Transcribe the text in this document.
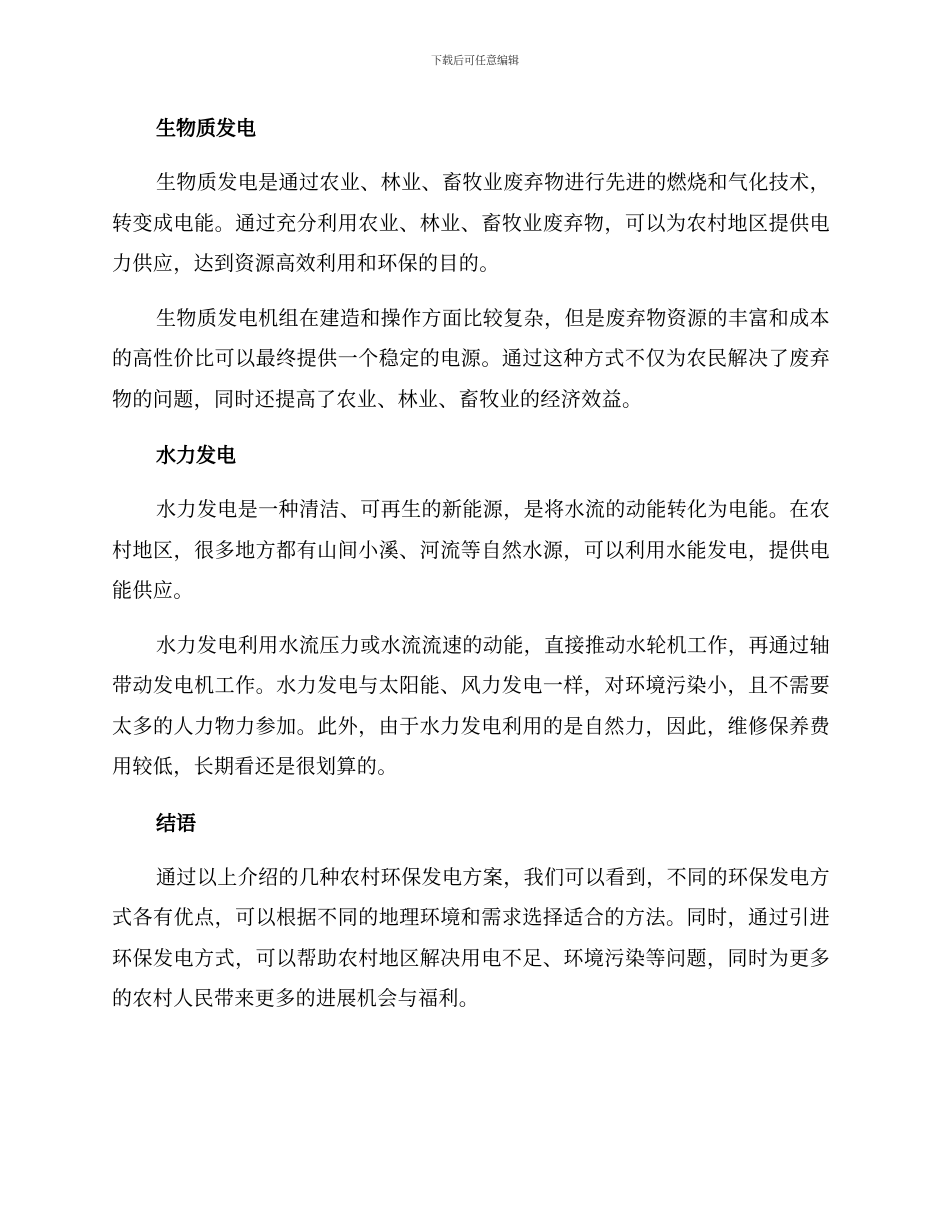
下载后可任意编辑
生物质发电

生物质发电是通过农业、林业、畜牧业废弃物进行先进的燃烧和气化技术，转变成电能。通过充分利用农业、林业、畜牧业废弃物，可以为农村地区提供电力供应，达到资源高效利用和环保的目的。

生物质发电机组在建造和操作方面比较复杂，但是废弃物资源的丰富和成本的高性价比可以最终提供一个稳定的电源。通过这种方式不仅为农民解决了废弃物的问题，同时还提高了农业、林业、畜牧业的经济效益。

水力发电

水力发电是一种清洁、可再生的新能源，是将水流的动能转化为电能。在农村地区，很多地方都有山间小溪、河流等自然水源，可以利用水能发电，提供电能供应。

水力发电利用水流压力或水流流速的动能，直接推动水轮机工作，再通过轴带动发电机工作。水力发电与太阳能、风力发电一样，对环境污染小，且不需要太多的人力物力参加。此外，由于水力发电利用的是自然力，因此，维修保养费用较低，长期看还是很划算的。

结语

通过以上介绍的几种农村环保发电方案，我们可以看到，不同的环保发电方式各有优点，可以根据不同的地理环境和需求选择适合的方法。同时，通过引进环保发电方式，可以帮助农村地区解决用电不足、环境污染等问题，同时为更多的农村人民带来更多的进展机会与福利。
